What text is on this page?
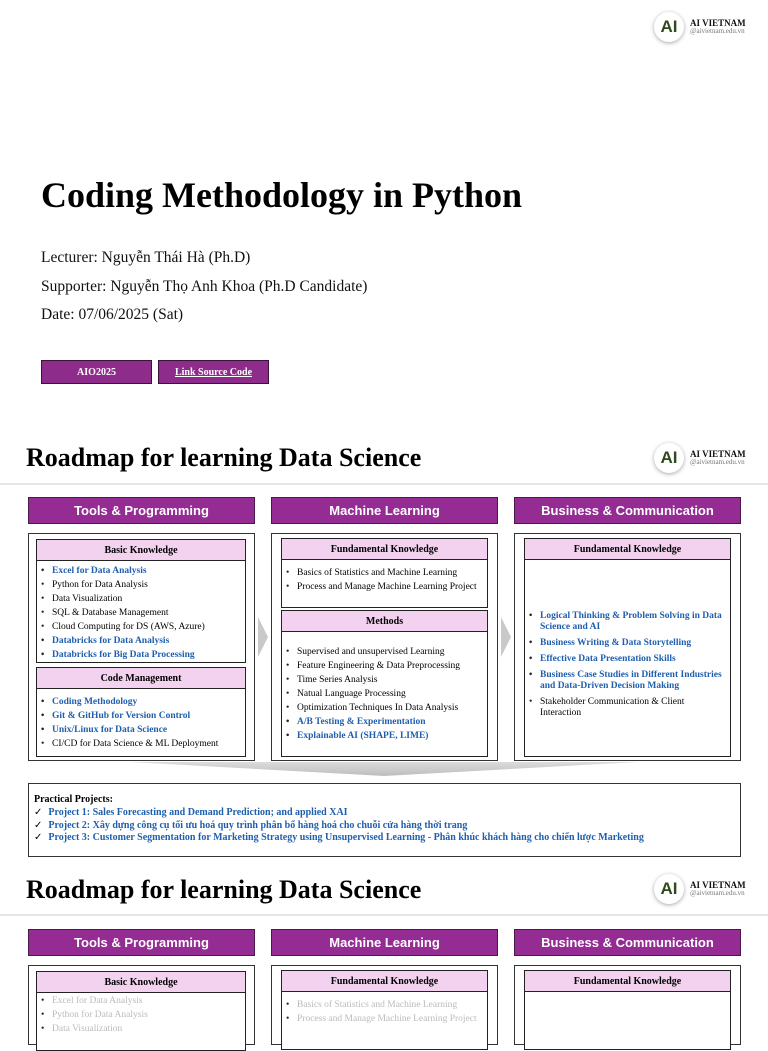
AI	AI VIETNAM
@aivietnam.edu.vn
Coding Methodology in Python
Lecturer: Nguyễn Thái Hà (Ph.D)
Supporter: Nguyễn Thọ Anh Khoa (Ph.D Candidate)
Date: 07/06/2025 (Sat)
AIO2025	Link Source Code
Roadmap for learning Data Science	AI	AI VIETNAM
@aivietnam.edu.vn
Tools & Programming	Machine Learning	Business & Communication
Basic Knowledge
• Excel for Data Analysis
• Python for Data Analysis
• Data Visualization
• SQL & Database Management
• Cloud Computing for DS (AWS, Azure)
• Databricks for Data Analysis
• Databricks for Big Data Processing
Code Management
• Coding Methodology
• Git & GitHub for Version Control
• Unix/Linux for Data Science
• CI/CD for Data Science & ML Deployment
Fundamental Knowledge
• Basics of Statistics and Machine Learning
• Process and Manage Machine Learning Project
Methods
• Supervised and unsupervised Learning
• Feature Engineering & Data Preprocessing
• Time Series Analysis
• Natual Language Processing
• Optimization Techniques In Data Analysis
• A/B Testing & Experimentation
• Explainable AI (SHAPE, LIME)
Fundamental Knowledge
• Logical Thinking & Problem Solving in Data Science and AI
• Business Writing & Data Storytelling
• Effective Data Presentation Skills
• Business Case Studies in Different Industries and Data-Driven Decision Making
• Stakeholder Communication & Client Interaction
Practical Projects:
✓ Project 1: Sales Forecasting and Demand Prediction; and applied XAI
✓ Project 2: Xây dựng công cụ tối ưu hoá quy trình phân bổ hàng hoá cho chuỗi cửa hàng thời trang
✓ Project 3: Customer Segmentation for Marketing Strategy using Unsupervised Learning - Phân khúc khách hàng cho chiến lược Marketing
Roadmap for learning Data Science	AI	AI VIETNAM
@aivietnam.edu.vn
Tools & Programming	Machine Learning	Business & Communication
Basic Knowledge
• Excel for Data Analysis
• Python for Data Analysis
• Data Visualization
Fundamental Knowledge
• Basics of Statistics and Machine Learning
• Process and Manage Machine Learning Project
Fundamental Knowledge
